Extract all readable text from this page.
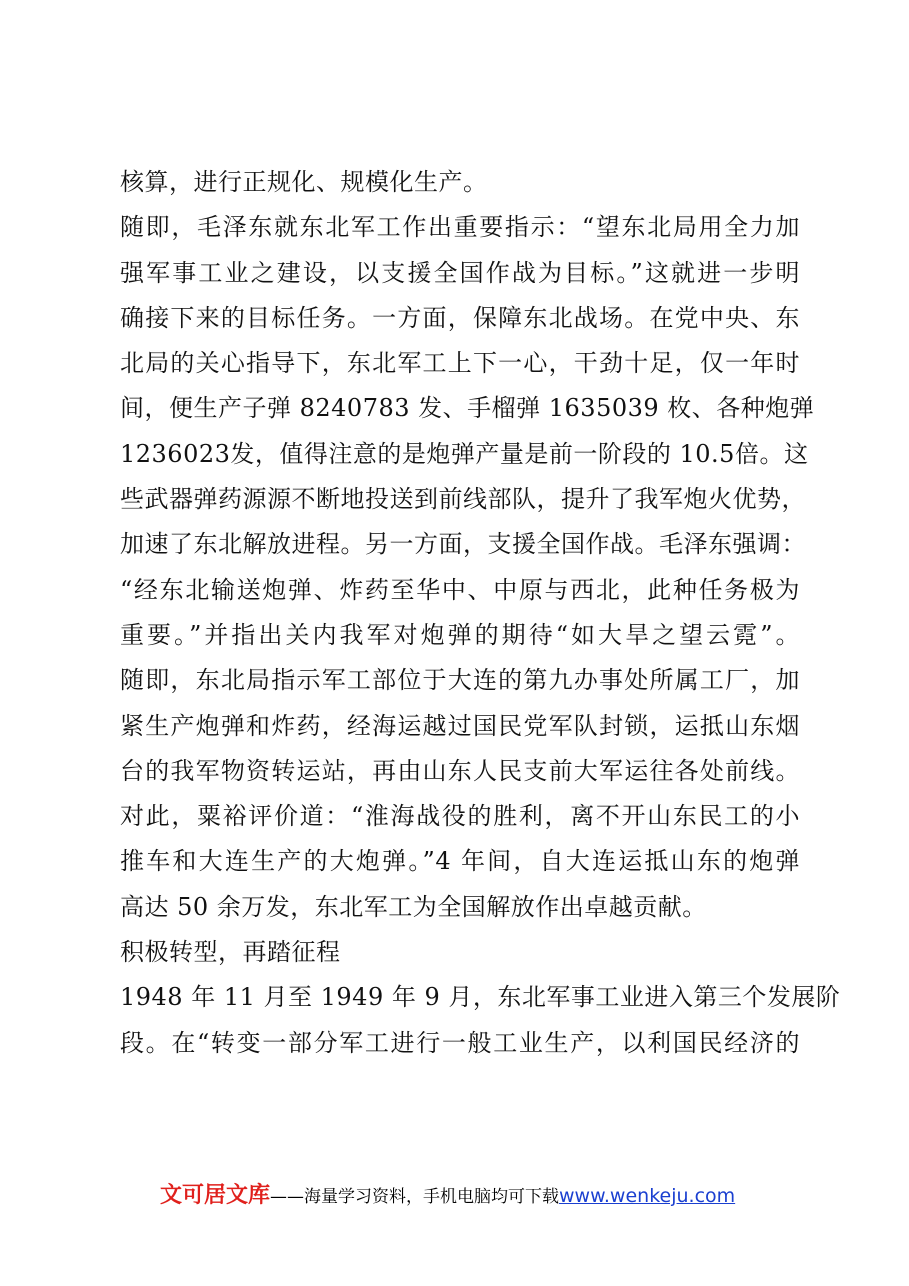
核算，进行正规化、规模化生产。
随即，毛泽东就东北军工作出重要指示：“望东北局用全力加
强军事工业之建设，以支援全国作战为目标。”这就进一步明
确接下来的目标任务。一方面，保障东北战场。在党中央、东
北局的关心指导下，东北军工上下一心，干劲十足，仅一年时
间，便生产子弹 8240783 发、手榴弹 1635039 枚、各种炮弹
1236023发，值得注意的是炮弹产量是前一阶段的 10.5倍。这
些武器弹药源源不断地投送到前线部队，提升了我军炮火优势，
加速了东北解放进程。另一方面，支援全国作战。毛泽东强调：
“经东北输送炮弹、炸药至华中、中原与西北，此种任务极为
重要。”并指出关内我军对炮弹的期待“如大旱之望云霓”。
随即，东北局指示军工部位于大连的第九办事处所属工厂，加
紧生产炮弹和炸药，经海运越过国民党军队封锁，运抵山东烟
台的我军物资转运站，再由山东人民支前大军运往各处前线。
对此，粟裕评价道：“淮海战役的胜利，离不开山东民工的小
推车和大连生产的大炮弹。”4 年间，自大连运抵山东的炮弹
高达 50 余万发，东北军工为全国解放作出卓越贡献。
积极转型，再踏征程
1948 年 11 月至 1949 年 9 月，东北军事工业进入第三个发展阶
段。在“转变一部分军工进行一般工业生产，以利国民经济的
文可居文库——海量学习资料，手机电脑均可下载www.wenkeju.com
